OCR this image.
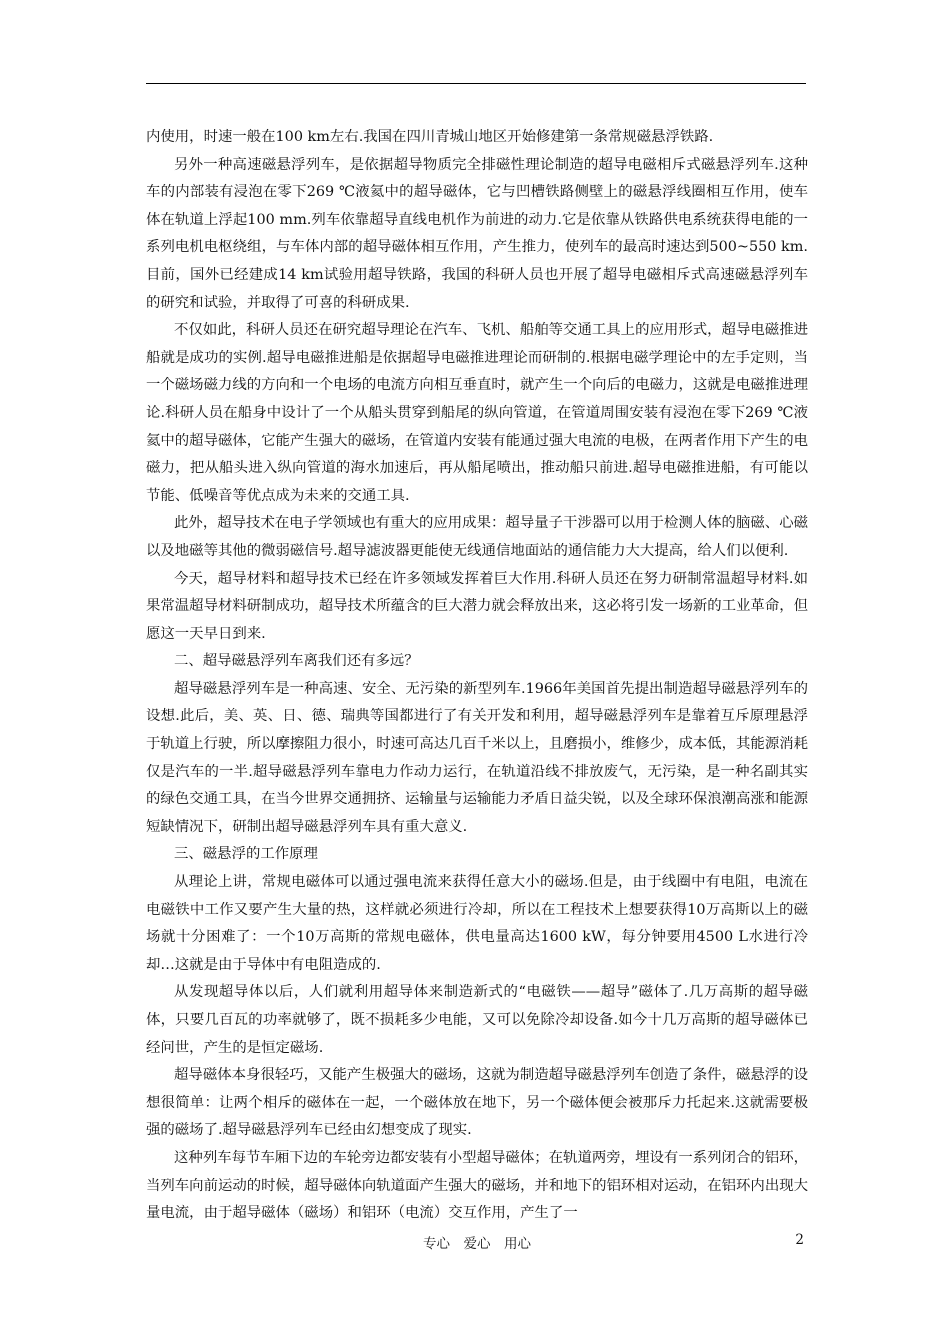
内使用，时速一般在100 km左右.我国在四川青城山地区开始修建第一条常规磁悬浮铁路.

另外一种高速磁悬浮列车，是依据超导物质完全排磁性理论制造的超导电磁相斥式磁悬浮列车.这种车的内部装有浸泡在零下269 ℃液氦中的超导磁体，它与凹槽铁路侧壁上的磁悬浮线圈相互作用，使车体在轨道上浮起100 mm.列车依靠超导直线电机作为前进的动力.它是依靠从铁路供电系统获得电能的一系列电机电枢绕组，与车体内部的超导磁体相互作用，产生推力，使列车的最高时速达到500~550 km.目前，国外已经建成14 km试验用超导铁路，我国的科研人员也开展了超导电磁相斥式高速磁悬浮列车的研究和试验，并取得了可喜的科研成果.

不仅如此，科研人员还在研究超导理论在汽车、飞机、船舶等交通工具上的应用形式，超导电磁推进船就是成功的实例.超导电磁推进船是依据超导电磁推进理论而研制的.根据电磁学理论中的左手定则，当一个磁场磁力线的方向和一个电场的电流方向相互垂直时，就产生一个向后的电磁力，这就是电磁推进理论.科研人员在船身中设计了一个从船头贯穿到船尾的纵向管道，在管道周围安装有浸泡在零下269 ℃液氦中的超导磁体，它能产生强大的磁场，在管道内安装有能通过强大电流的电极，在两者作用下产生的电磁力，把从船头进入纵向管道的海水加速后，再从船尾喷出，推动船只前进.超导电磁推进船，有可能以节能、低噪音等优点成为未来的交通工具.

此外，超导技术在电子学领域也有重大的应用成果：超导量子干涉器可以用于检测人体的脑磁、心磁以及地磁等其他的微弱磁信号.超导滤波器更能使无线通信地面站的通信能力大大提高，给人们以便利.

今天，超导材料和超导技术已经在许多领域发挥着巨大作用.科研人员还在努力研制常温超导材料.如果常温超导材料研制成功，超导技术所蕴含的巨大潜力就会释放出来，这必将引发一场新的工业革命，但愿这一天早日到来.

二、超导磁悬浮列车离我们还有多远？

超导磁悬浮列车是一种高速、安全、无污染的新型列车.1966年美国首先提出制造超导磁悬浮列车的设想.此后，美、英、日、德、瑞典等国都进行了有关开发和利用，超导磁悬浮列车是靠着互斥原理悬浮于轨道上行驶，所以摩擦阻力很小，时速可高达几百千米以上，且磨损小，维修少，成本低，其能源消耗仅是汽车的一半.超导磁悬浮列车靠电力作动力运行，在轨道沿线不排放废气，无污染，是一种名副其实的绿色交通工具，在当今世界交通拥挤、运输量与运输能力矛盾日益尖锐，以及全球环保浪潮高涨和能源短缺情况下，研制出超导磁悬浮列车具有重大意义.

三、磁悬浮的工作原理

从理论上讲，常规电磁体可以通过强电流来获得任意大小的磁场.但是，由于线圈中有电阻，电流在电磁铁中工作又要产生大量的热，这样就必须进行冷却，所以在工程技术上想要获得10万高斯以上的磁场就十分困难了：一个10万高斯的常规电磁体，供电量高达1600 kW，每分钟要用4500 L水进行冷却…这就是由于导体中有电阻造成的.

从发现超导体以后，人们就利用超导体来制造新式的“电磁铁——超导”磁体了.几万高斯的超导磁体，只要几百瓦的功率就够了，既不损耗多少电能，又可以免除冷却设备.如今十几万高斯的超导磁体已经问世，产生的是恒定磁场.

超导磁体本身很轻巧，又能产生极强大的磁场，这就为制造超导磁悬浮列车创造了条件，磁悬浮的设想很简单：让两个相斥的磁体在一起，一个磁体放在地下，另一个磁体便会被那斥力托起来.这就需要极强的磁场了.超导磁悬浮列车已经由幻想变成了现实.

这种列车每节车厢下边的车轮旁边都安装有小型超导磁体；在轨道两旁，埋设有一系列闭合的铝环，当列车向前运动的时候，超导磁体向轨道面产生强大的磁场，并和地下的铝环相对运动，在铝环内出现大量电流，由于超导磁体（磁场）和铝环（电流）交互作用，产生了一

专心　爱心　用心	2
